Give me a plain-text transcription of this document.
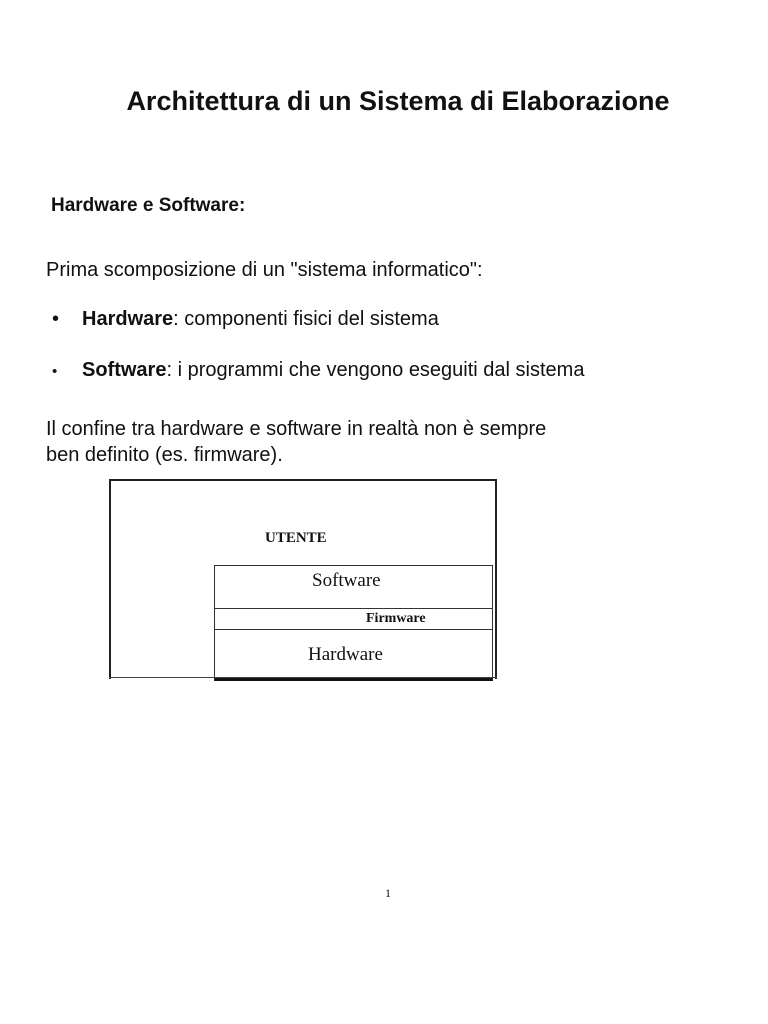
Architettura di un Sistema di Elaborazione
Hardware e Software:
Prima scomposizione di un "sistema informatico":
• Hardware: componenti fisici del sistema
• Software: i programmi che vengono eseguiti dal sistema
Il confine tra hardware e software in realtà non è sempre
ben definito (es. firmware).
UTENTE
Software
Firmware
Hardware
1
